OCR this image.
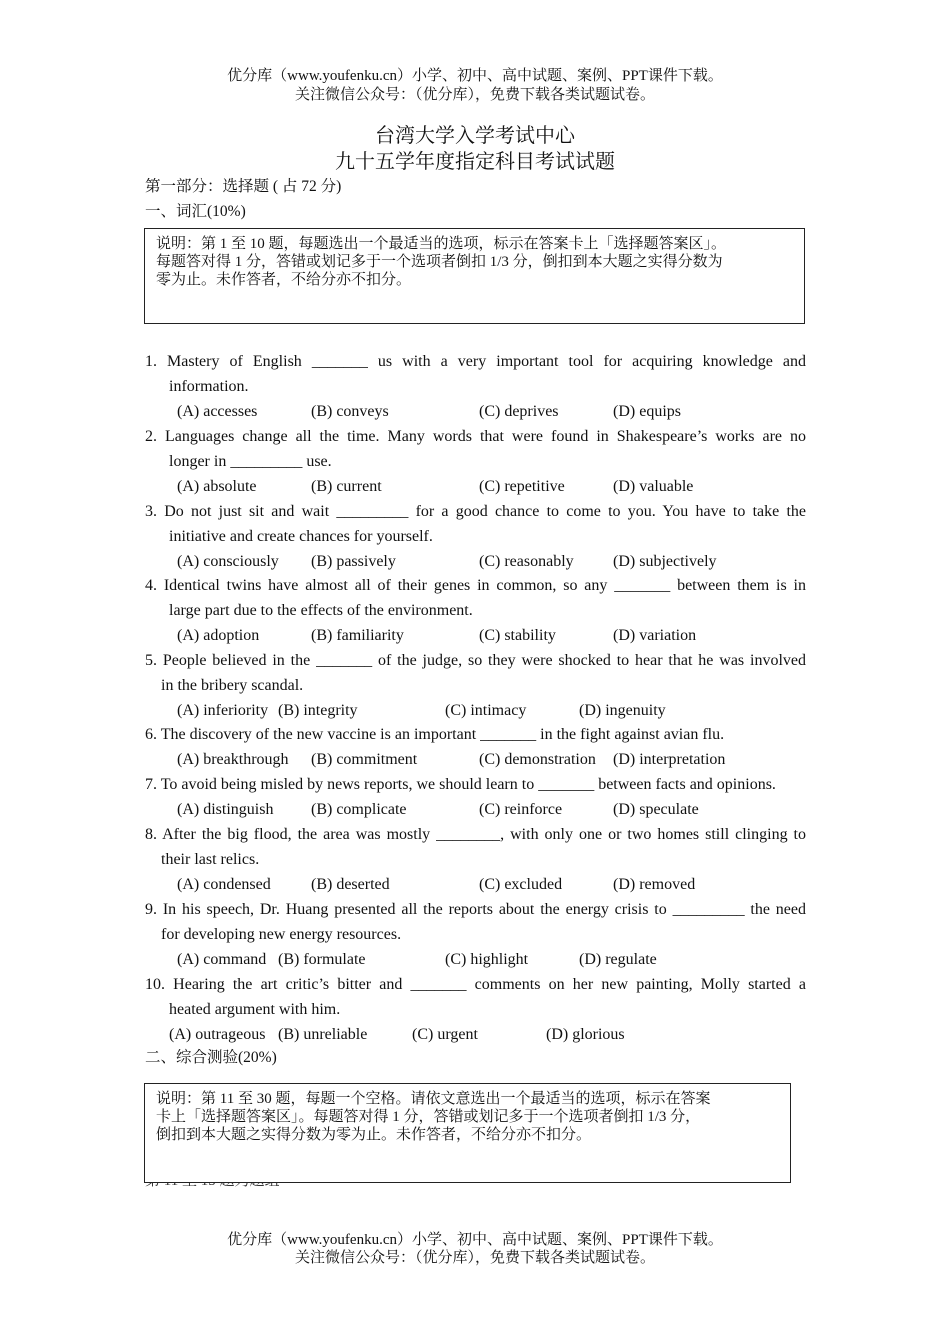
优分库（www.youfenku.cn）小学、初中、高中试题、案例、PPT课件下载。
关注微信公众号：（优分库），免费下载各类试题试卷。
台湾大学入学考试中心
九十五学年度指定科目考试试题
第一部分：选择题 ( 占 72 分)
一、词汇(10%)

说明：第 1 至 10 题，每题选出一个最适当的选项，标示在答案卡上「选择题答案区」。

每题答对得 1 分，答错或划记多于一个选项者倒扣 1/3 分，倒扣到本大题之实得分数为

零为止。未作答者，不给分亦不扣分。

1. Mastery of English _______ us with a very important tool for acquiring knowledge and
information.
(A) accesses	(B) conveys	(C) deprives	(D) equips
2. Languages change all the time. Many words that were found in Shakespeare’s works are no
longer in _________ use.
(A) absolute	(B) current	(C) repetitive	(D) valuable
3. Do not just sit and wait _________ for a good chance to come to you. You have to take the
initiative and create chances for yourself.
(A) consciously (B) passively	(C) reasonably (D) subjectively
4. Identical twins have almost all of their genes in common, so any _______ between them is in
large part due to the effects of the environment.
(A) adoption	(B) familiarity	(C) stability	(D) variation
5. People believed in the _______ of the judge, so they were shocked to hear that he was involved
in the bribery scandal.
(A) inferiority (B) integrity	(C) intimacy	(D) ingenuity
6. The discovery of the new vaccine is an important _______ in the fight against avian flu.
(A) breakthrough (B) commitment	(C) demonstration (D) interpretation
7. To avoid being misled by news reports, we should learn to _______ between facts and opinions.
(A) distinguish (B) complicate	(C) reinforce	(D) speculate
8. After the big flood, the area was mostly ________, with only one or two homes still clinging to
their last relics.
(A) condensed	(B) deserted	(C) excluded	(D) removed
9. In his speech, Dr. Huang presented all the reports about the energy crisis to _________ the need
for developing new energy resources.
(A) command (B) formulate	(C) highlight	(D) regulate
10. Hearing the art critic’s bitter and _______ comments on her new painting, Molly started a
heated argument with him.
(A) outrageous (B) unreliable	(C) urgent	(D) glorious
二、综合测验(20%)

说明：第 11 至 30 题，每题一个空格。请依文意选出一个最适当的选项，标示在答案

卡上「选择题答案区」。每题答对得 1 分，答错或划记多于一个选项者倒扣 1/3 分，

倒扣到本大题之实得分数为零为止。未作答者，不给分亦不扣分。

优分库（www.youfenku.cn）小学、初中、高中试题、案例、PPT课件下载。
关注微信公众号：（优分库），免费下载各类试题试卷。
